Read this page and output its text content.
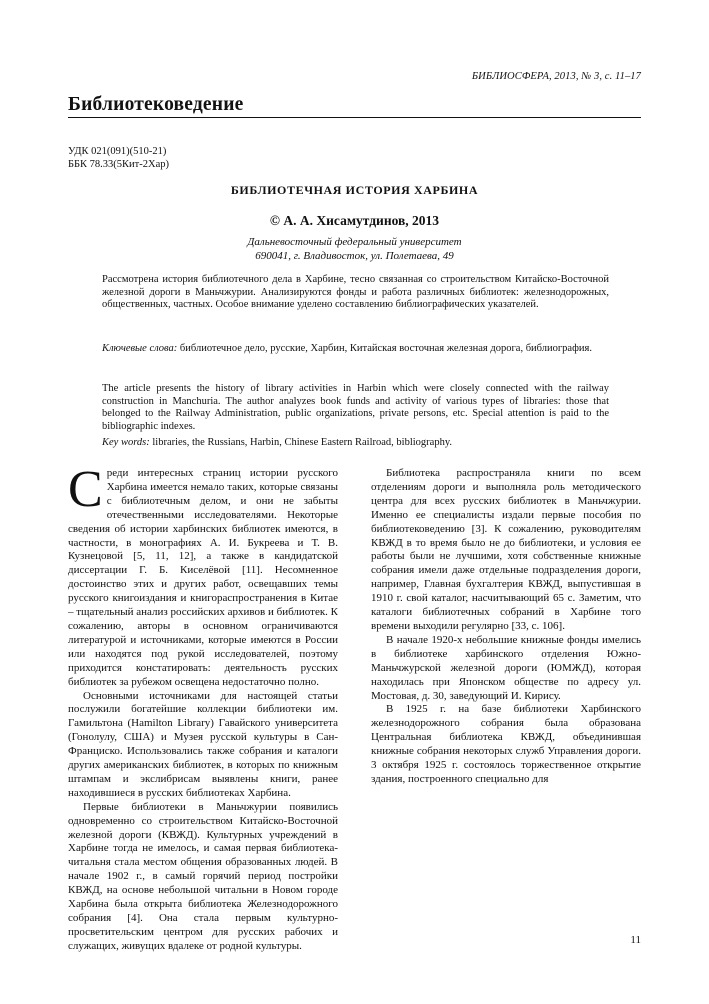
БИБЛИОСФЕРА, 2013, № 3, с. 11–17
Библиотековедение
УДК 021(091)(510-21)
ББК 78.33(5Кит-2Хар)
БИБЛИОТЕЧНАЯ ИСТОРИЯ ХАРБИНА
© А. А. Хисамутдинов, 2013
Дальневосточный федеральный университет
690041, г. Владивосток, ул. Полетаева, 49
Рассмотрена история библиотечного дела в Харбине, тесно связанная со строительством Китайско-Восточной железной дороги в Маньчжурии. Анализируются фонды и работа различных библиотек: железнодорожных, общественных, частных. Особое внимание уделено составлению библиографических указателей.
Ключевые слова: библиотечное дело, русские, Харбин, Китайская восточная железная дорога, библиография.
The article presents the history of library activities in Harbin which were closely connected with the railway construction in Manchuria. The author analyzes book funds and activity of various types of libraries: those that belonged to the Railway Administration, public organizations, private persons, etc. Special attention is paid to the bibliographic indexes.
Key words: libraries, the Russians, Harbin, Chinese Eastern Railroad, bibliography.

Среди интересных страниц истории русского Харбина имеется немало таких, которые связаны с библиотечным делом, и они не забыты отечественными исследователями. Некоторые сведения об истории харбинских библиотек имеются, в частности, в монографиях А. И. Букреева и Т. В. Кузнецовой [5, 11, 12], а также в кандидатской диссертации Г. Б. Киселёвой [11]. Несомненное достоинство этих и других работ, освещавших темы русского книгоиздания и книгораспространения в Китае – тщательный анализ российских архивов и библиотек. К сожалению, авторы в основном ограничиваются литературой и источниками, которые имеются в России или находятся под рукой исследователей, поэтому приходится констатировать: деятельность русских библиотек за рубежом освещена недостаточно полно.

Основными источниками для настоящей статьи послужили богатейшие коллекции библиотеки им. Гамильтона (Hamilton Library) Гавайского университета (Гонолулу, США) и Музея русской культуры в Сан-Франциско. Использовались также собрания и каталоги других американских библиотек, в которых по книжным штампам и экслибрисам выявлены книги, ранее находившиеся в русских библиотеках Харбина.

Первые библиотеки в Маньчжурии появились одновременно со строительством Китайско-Восточной железной дороги (КВЖД). Культурных учреждений в Харбине тогда не имелось, и самая первая библиотека-читальня стала местом общения образованных людей. В начале 1902 г., в самый горячий период постройки КВЖД, на основе небольшой читальни в Новом городе Харбина была открыта библиотека Железнодорожного собрания [4]. Она стала первым культурно-просветительским центром для русских рабочих и служащих, живущих вдалеке от родной культуры.

Библиотека распространяла книги по всем отделениям дороги и выполняла роль методического центра для всех русских библиотек в Маньчжурии. Именно ее специалисты издали первые пособия по библиотековедению [3]. К сожалению, руководителям КВЖД в то время было не до библиотеки, и условия ее работы были не лучшими, хотя собственные книжные собрания имели даже отдельные подразделения дороги, например, Главная бухгалтерия КВЖД, выпустившая в 1910 г. свой каталог, насчитывающий 65 с. Заметим, что каталоги библиотечных собраний в Харбине того времени выходили регулярно [33, с. 106].

В начале 1920-х небольшие книжные фонды имелись в библиотеке харбинского отделения Южно-Маньчжурской железной дороги (ЮМЖД), которая находилась при Японском обществе по адресу ул. Мостовая, д. 30, заведующий И. Кирису.

В 1925 г. на базе библиотеки Харбинского железнодорожного собрания была образована Центральная библиотека КВЖД, объединившая книжные собрания некоторых служб Управления дороги. 3 октября 1925 г. состоялось торжественное открытие здания, построенного специально для

11
